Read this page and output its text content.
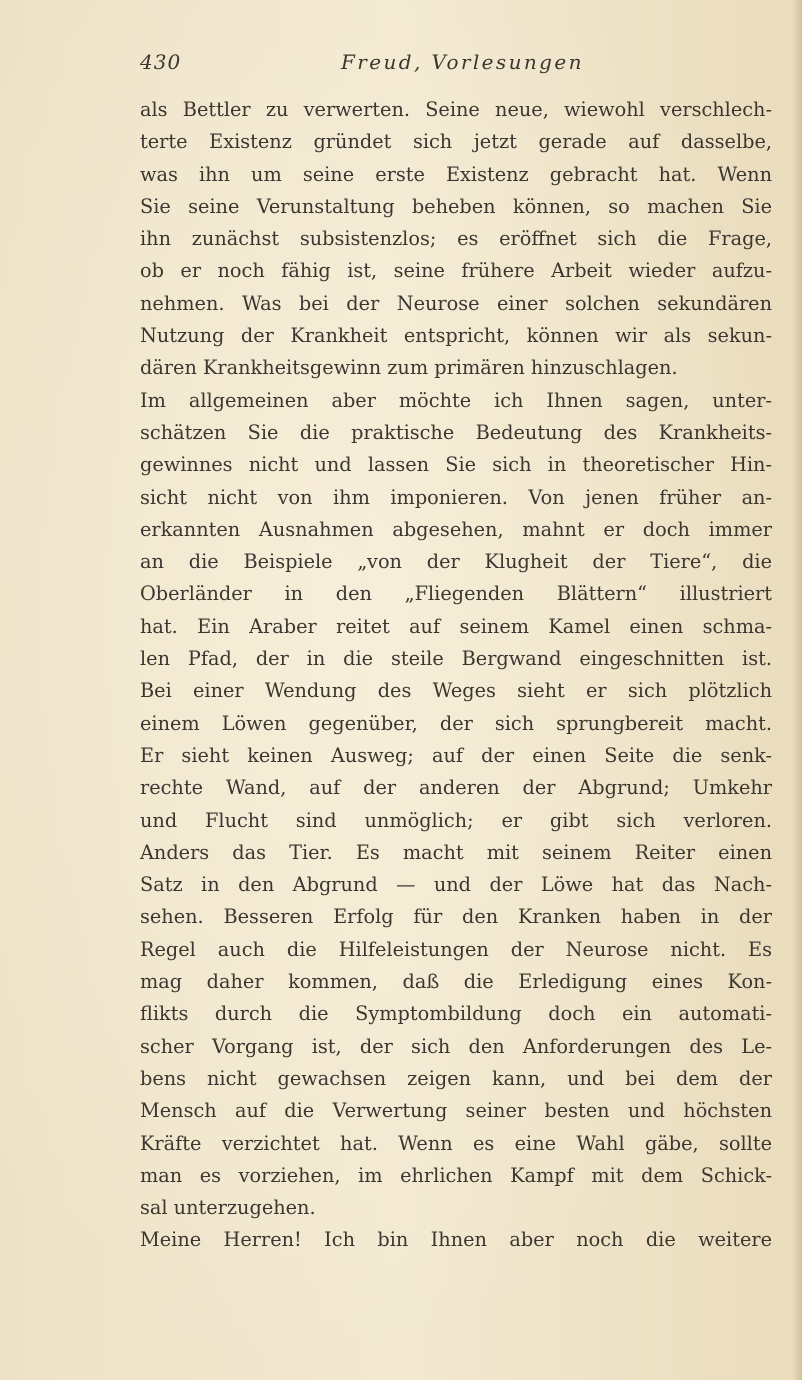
430	Freud, Vorlesungen
als Bettler zu verwerten. Seine neue, wiewohl verschlech-
terte Existenz gründet sich jetzt gerade auf dasselbe,
was ihn um seine erste Existenz gebracht hat. Wenn
Sie seine Verunstaltung beheben können, so machen Sie
ihn zunächst subsistenzlos; es eröffnet sich die Frage,
ob er noch fähig ist, seine frühere Arbeit wieder aufzu-
nehmen. Was bei der Neurose einer solchen sekundären
Nutzung der Krankheit entspricht, können wir als sekun-
dären Krankheitsgewinn zum primären hinzuschlagen.
Im allgemeinen aber möchte ich Ihnen sagen, unter-
schätzen Sie die praktische Bedeutung des Krankheits-
gewinnes nicht und lassen Sie sich in theoretischer Hin-
sicht nicht von ihm imponieren. Von jenen früher an-
erkannten Ausnahmen abgesehen, mahnt er doch immer
an die Beispiele „von der Klugheit der Tiere“, die
Oberländer in den „Fliegenden Blättern“ illustriert
hat. Ein Araber reitet auf seinem Kamel einen schma-
len Pfad, der in die steile Bergwand eingeschnitten ist.
Bei einer Wendung des Weges sieht er sich plötzlich
einem Löwen gegenüber, der sich sprungbereit macht.
Er sieht keinen Ausweg; auf der einen Seite die senk-
rechte Wand, auf der anderen der Abgrund; Umkehr
und Flucht sind unmöglich; er gibt sich verloren.
Anders das Tier. Es macht mit seinem Reiter einen
Satz in den Abgrund — und der Löwe hat das Nach-
sehen. Besseren Erfolg für den Kranken haben in der
Regel auch die Hilfeleistungen der Neurose nicht. Es
mag daher kommen, daß die Erledigung eines Kon-
flikts durch die Symptombildung doch ein automati-
scher Vorgang ist, der sich den Anforderungen des Le-
bens nicht gewachsen zeigen kann, und bei dem der
Mensch auf die Verwertung seiner besten und höchsten
Kräfte verzichtet hat. Wenn es eine Wahl gäbe, sollte
man es vorziehen, im ehrlichen Kampf mit dem Schick-
sal unterzugehen.
Meine Herren! Ich bin Ihnen aber noch die weitere
